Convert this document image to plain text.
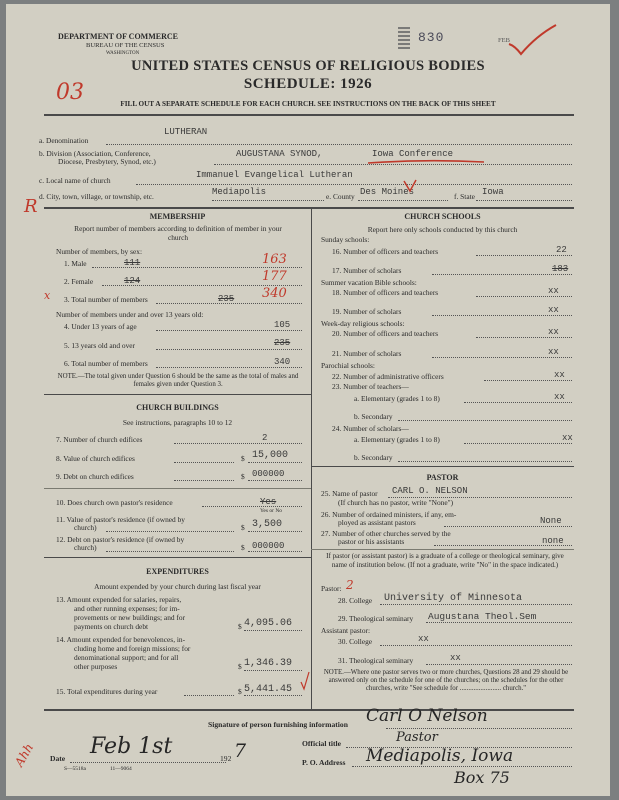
DEPARTMENT OF COMMERCE
BUREAU OF THE CENSUS
WASHINGTON
830	FEB
UNITED STATES CENSUS OF RELIGIOUS BODIES
SCHEDULE: 1926
03	FILL OUT A SEPARATE SCHEDULE FOR EACH CHURCH. SEE INSTRUCTIONS ON THE BACK OF THIS SHEET
a. Denomination
LUTHERAN
b. Division (Association, Conference,
Diocese, Presbytery, Synod, etc.)
AUGUSTANA SYNOD,	Iowa Conference
c. Local name of church
Immanuel Evangelical Lutheran
d. City, town, village, or township, etc.	Mediapolis	e. County Des Moines	f. State Iowa
R	MEMBERSHIP
Report number of members according to definition of member in your church
Number of members, by sex:
1. Male	111	163
2. Female	124	177
x 3. Total number of members	235 340
Number of members under and over 13 years old:
4. Under 13 years of age	105
5. 13 years old and over	235
6. Total number of members	340
NOTE.—The total given under Question 6 should be the same as the total of males and females given under Question 3.
CHURCH BUILDINGS
See instructions, paragraphs 10 to 12
7. Number of church edifices	2
8. Value of church edifices	$ 15,000
9. Debt on church edifices	$ 000000
10. Does church own pastor's residence	Yes
Yes or No
11. Value of pastor's residence (if owned by
church)	$ 3,500
12. Debt on pastor's residence (if owned by
church)	$ 000000
EXPENDITURES
Amount expended by your church during last fiscal year
13. Amount expended for salaries, repairs,
and other running expenses; for im-
provements or new buildings; and for
payments on church debt	$ 4,095.06
14. Amount expended for benevolences, in-
cluding home and foreign missions; for
denominational support; and for all
other purposes	$ 1,346.39
15. Total expenditures during year	$ 5,441.45
CHURCH SCHOOLS
Report here only schools conducted by this church
Sunday schools:
16. Number of officers and teachers	22
17. Number of scholars	183
Summer vacation Bible schools:
18. Number of officers and teachers	xx
19. Number of scholars	xx
Week-day religious schools:
20. Number of officers and teachers	xx
21. Number of scholars	xx
Parochial schools:
22. Number of administrative officers	xx
23. Number of teachers—
a. Elementary (grades 1 to 8)	xx
b. Secondary
24. Number of scholars—
a. Elementary (grades 1 to 8)	xx
b. Secondary
PASTOR
25. Name of pastor CARL O. NELSON
(If church has no pastor, write "None")
26. Number of ordained ministers, if any, em-
ployed as assistant pastors	None
27. Number of other churches served by the
pastor or his assistants	none
If pastor (or assistant pastor) is a graduate of a college or theological seminary, give name of institution below. (If not a graduate, write "No" in the space indicated.)
Pastor: 2
28. College University of Minnesota
29. Theological seminary Augustana Theol.Sem
Assistant pastor:
30. College	xx
31. Theological seminary	xx
NOTE.—Where one pastor serves two or more churches, Questions 28 and 29 should be answered only on the schedule for one of the churches; on the schedules for the other churches, write "See schedule for ........................ church."
Signature of person furnishing information Carl O Nelson
Official title	Pastor
P. O. Address Mediapolis, Iowa
Box 75
Date Feb 1st	192 7
S—5518a	11—9064
Ahh
